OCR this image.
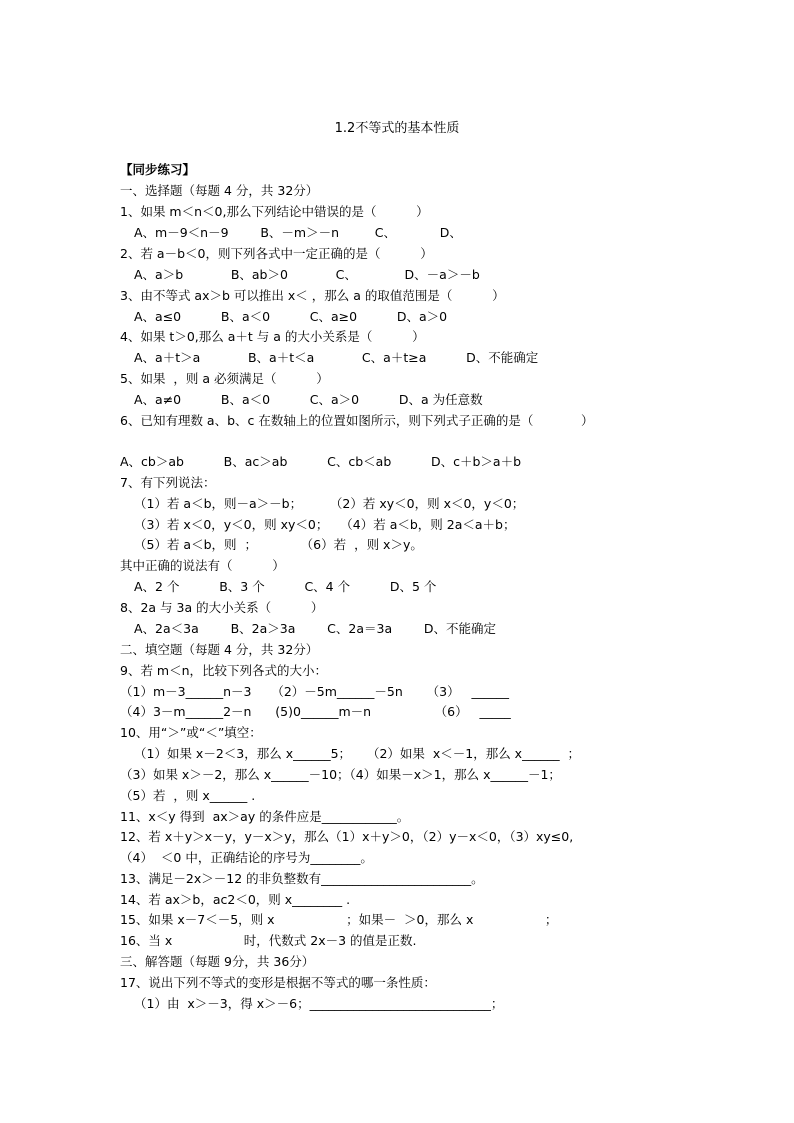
1.2不等式的基本性质
【同步练习】
一、选择题（每题 4 分，共 32分）
1、如果 m＜n＜0,那么下列结论中错误的是（          ）
A、m－9＜n－9        B、－m＞－n         C、           D、
2、若 a－b＜0，则下列各式中一定正确的是（          ）
A、a＞b            B、ab＞0            C、            D、－a＞－b
3、由不等式 ax＞b 可以推出 x＜ ，那么 a 的取值范围是（          ）
A、a≤0          B、a＜0          C、a≥0          D、a＞0
4、如果 t＞0,那么 a＋t 与 a 的大小关系是（          ）
A、a＋t＞a            B、a＋t＜a            C、a＋t≥a          D、不能确定
5、如果  ，则 a 必须满足（          ）
A、a≠0          B、a＜0          C、a＞0          D、a 为任意数
6、已知有理数 a、b、c 在数轴上的位置如图所示，则下列式子正确的是（            ）
A、cb＞ab          B、ac＞ab          C、cb＜ab          D、c＋b＞a＋b
7、有下列说法：
（1）若 a＜b，则－a＞－b；       （2）若 xy＜0，则 x＜0，y＜0；
（3）若 x＜0，y＜0，则 xy＜0；   （4）若 a＜b，则 2a＜a＋b；
（5）若 a＜b，则  ；           （6）若  ，则 x＞y。
其中正确的说法有（          ）
A、2 个          B、3 个          C、4 个          D、5 个
8、2a 与 3a 的大小关系（          ）
A、2a＜3a        B、2a＞3a        C、2a＝3a        D、不能确定
二、填空题（每题 4 分，共 32分）
9、若 m＜n，比较下列各式的大小：
（1）m－3______n－3     （2）－5m______－5n      （3）   ______
（4）3－m______2－n      (5)0______m－n                （6）   _____
10、用“＞”或“＜”填空：
（1）如果 x－2＜3，那么 x______5；    （2）如果  x＜－1，那么 x______  ；
（3）如果 x＞－2，那么 x______－10；（4）如果－x＞1，那么 x______－1；
（5）若  ，则 x______ .
11、x＜y 得到  ax＞ay 的条件应是____________。
12、若 x＋y＞x－y，y－x＞y，那么（1）x＋y＞0，（2）y－x＜0，（3）xy≤0,
（4）  ＜0 中，正确结论的序号为________。
13、满足－2x＞－12 的非负整数有________________________。
14、若 ax＞b，ac2＜0，则 x________ .
15、如果 x－7＜－5，则 x                  ；如果－  ＞0，那么 x                  ；
16、当 x                  时，代数式 2x－3 的值是正数.
三、解答题（每题 9分，共 36分）
17、说出下列不等式的变形是根据不等式的哪一条性质：
（1）由  x＞－3，得 x＞－6；_____________________________；
